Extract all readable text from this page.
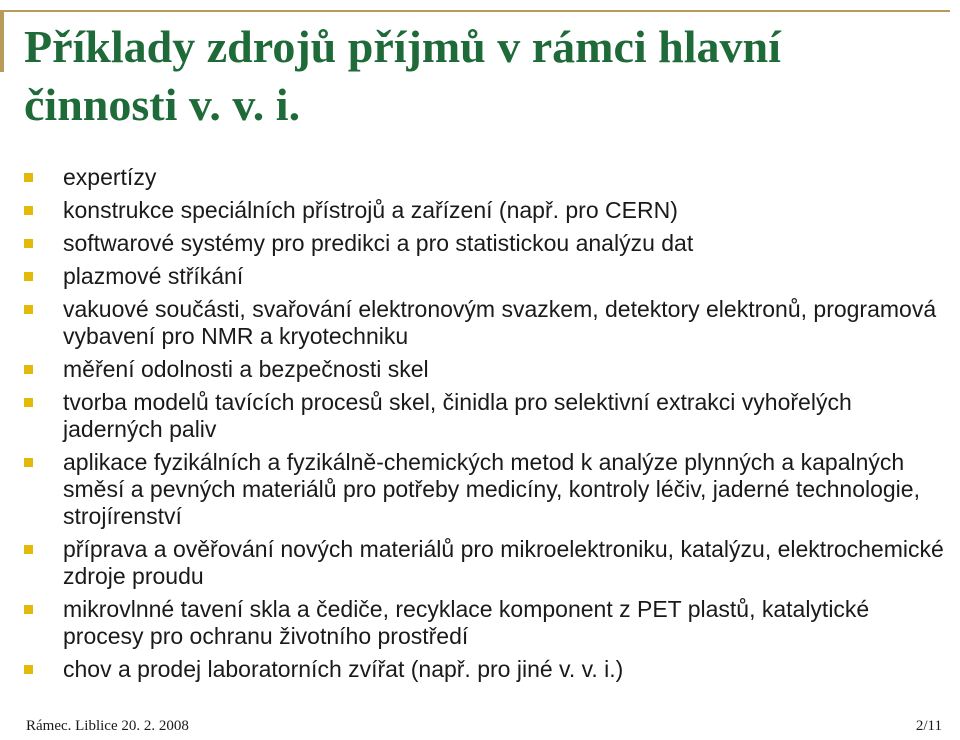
Příklady zdrojů příjmů v rámci hlavní činnosti v. v. i.
expertízy
konstrukce speciálních přístrojů a zařízení (např. pro CERN)
softwarové systémy pro predikci a pro statistickou analýzu dat
plazmové stříkání
vakuové součásti, svařování elektronovým svazkem, detektory elektronů, programová vybavení pro NMR a kryotechniku
měření odolnosti a bezpečnosti skel
tvorba modelů tavících procesů skel, činidla pro selektivní extrakci vyhořelých jaderných paliv
aplikace fyzikálních a fyzikálně-chemických metod k analýze plynných a kapalných směsí a pevných materiálů pro potřeby medicíny, kontroly léčiv, jaderné technologie, strojírenství
příprava a ověřování nových materiálů pro mikroelektroniku, katalýzu, elektrochemické zdroje proudu
mikrovlnné tavení skla a čediče, recyklace komponent z PET plastů, katalytické procesy pro ochranu životního prostředí
chov a prodej laboratorních zvířat (např. pro jiné v. v. i.)
Rámec. Liblice 20. 2. 2008	2/11
